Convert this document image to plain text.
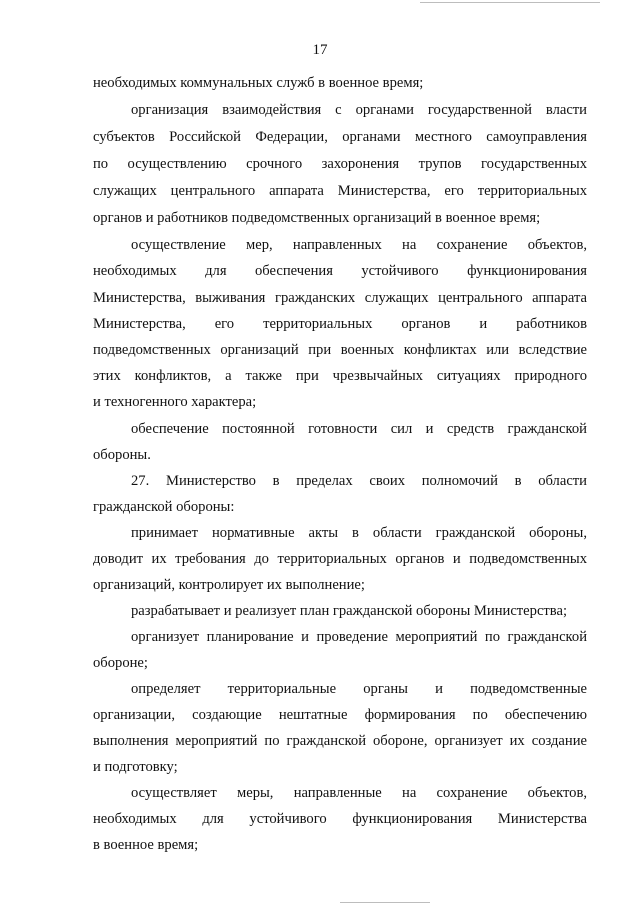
17
необходимых коммунальных служб в военное время;
организация взаимодействия с органами государственной власти
субъектов Российской Федерации, органами местного самоуправления
по осуществлению срочного захоронения трупов государственных
служащих центрального аппарата Министерства, его территориальных
органов и работников подведомственных организаций в военное время;
осуществление мер, направленных на сохранение объектов,
необходимых для обеспечения устойчивого функционирования
Министерства, выживания гражданских служащих центрального аппарата
Министерства, его территориальных органов и работников
подведомственных организаций при военных конфликтах или вследствие
этих конфликтов, а также при чрезвычайных ситуациях природного
и техногенного характера;
обеспечение постоянной готовности сил и средств гражданской
обороны.
27. Министерство в пределах своих полномочий в области
гражданской обороны:
принимает нормативные акты в области гражданской обороны,
доводит их требования до территориальных органов и подведомственных
организаций, контролирует их выполнение;
разрабатывает и реализует план гражданской обороны Министерства;
организует планирование и проведение мероприятий по гражданской
обороне;
определяет территориальные органы и подведомственные
организации, создающие нештатные формирования по обеспечению
выполнения мероприятий по гражданской обороне, организует их создание
и подготовку;
осуществляет меры, направленные на сохранение объектов,
необходимых для устойчивого функционирования Министерства
в военное время;
